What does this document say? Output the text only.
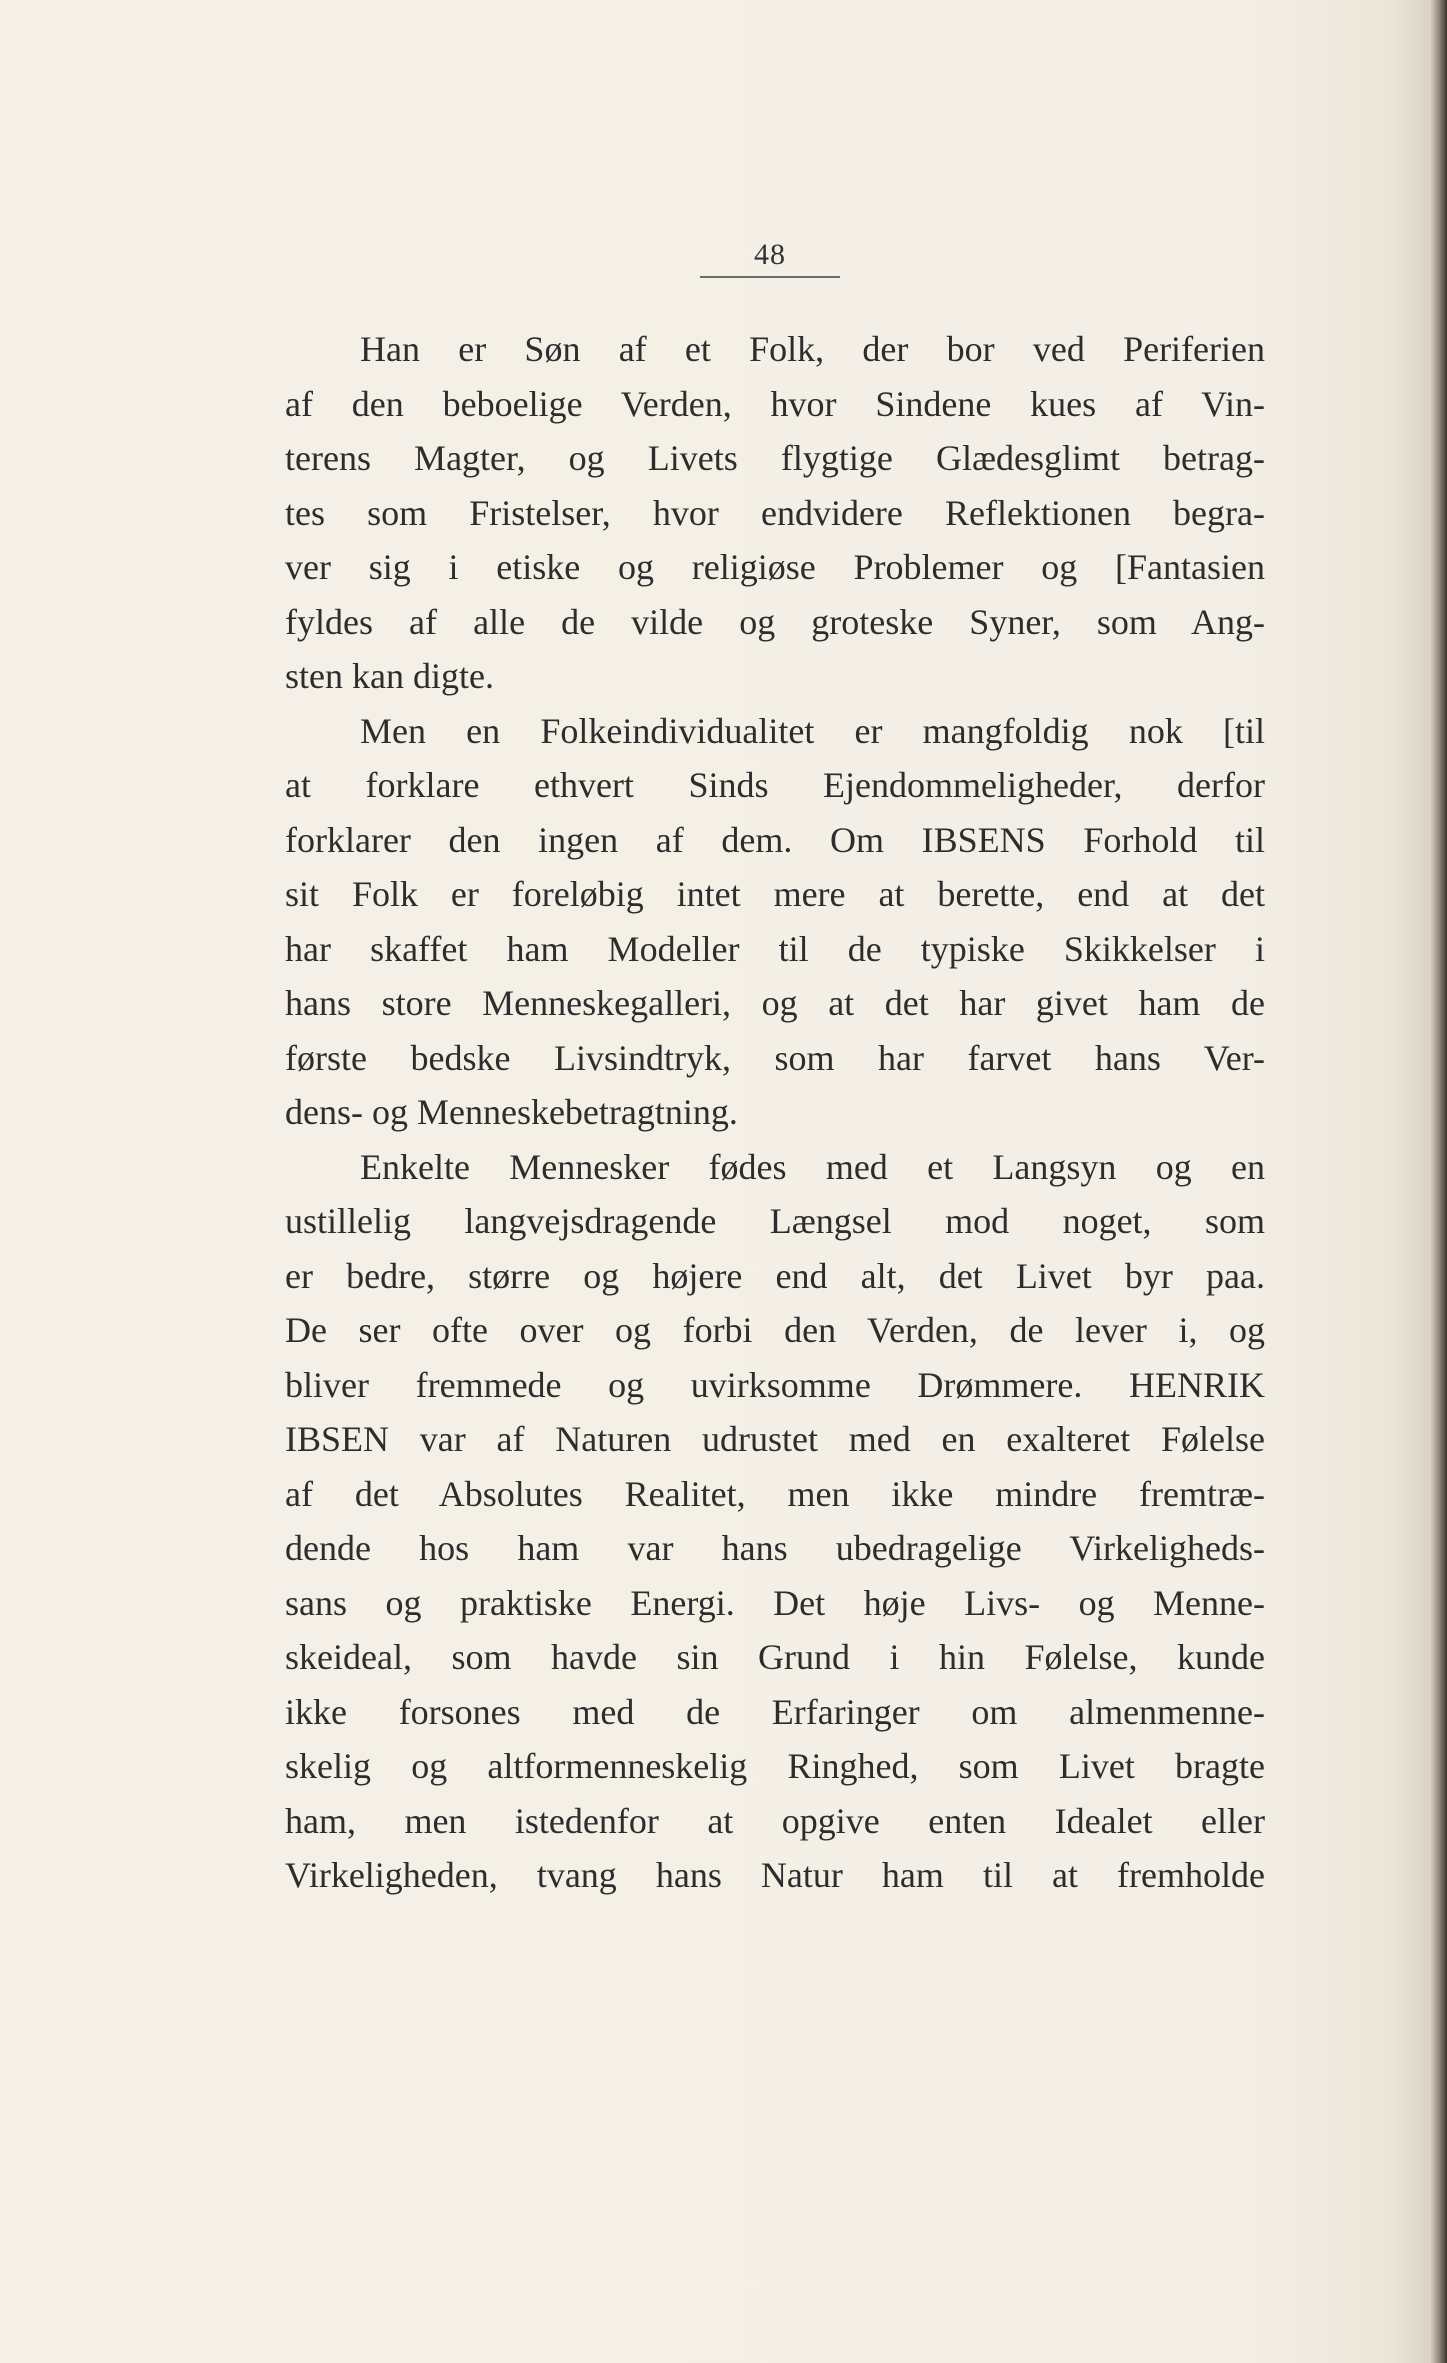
48
Han er Søn af et Folk, der bor ved Periferien
af den beboelige Verden, hvor Sindene kues af Vin-
terens Magter, og Livets flygtige Glædesglimt betrag-
tes som Fristelser, hvor endvidere Reflektionen begra-
ver sig i etiske og religiøse Problemer og [Fantasien
fyldes af alle de vilde og groteske Syner, som Ang-
sten kan digte.
Men en Folkeindividualitet er mangfoldig nok [til
at forklare ethvert Sinds Ejendommeligheder, derfor
forklarer den ingen af dem. Om IBSENS Forhold til
sit Folk er foreløbig intet mere at berette, end at det
har skaffet ham Modeller til de typiske Skikkelser i
hans store Menneskegalleri, og at det har givet ham de
første bedske Livsindtryk, som har farvet hans Ver-
dens- og Menneskebetragtning.
Enkelte Mennesker fødes med et Langsyn og en
ustillelig langvejsdragende Længsel mod noget, som
er bedre, større og højere end alt, det Livet byr paa.
De ser ofte over og forbi den Verden, de lever i, og
bliver fremmede og uvirksomme Drømmere. HENRIK
IBSEN var af Naturen udrustet med en exalteret Følelse
af det Absolutes Realitet, men ikke mindre fremtræ-
dende hos ham var hans ubedragelige Virkeligheds-
sans og praktiske Energi. Det høje Livs- og Menne-
skeideal, som havde sin Grund i hin Følelse, kunde
ikke forsones med de Erfaringer om almenmenne-
skelig og altformenneskelig Ringhed, som Livet bragte
ham, men istedenfor at opgive enten Idealet eller
Virkeligheden, tvang hans Natur ham til at fremholde
